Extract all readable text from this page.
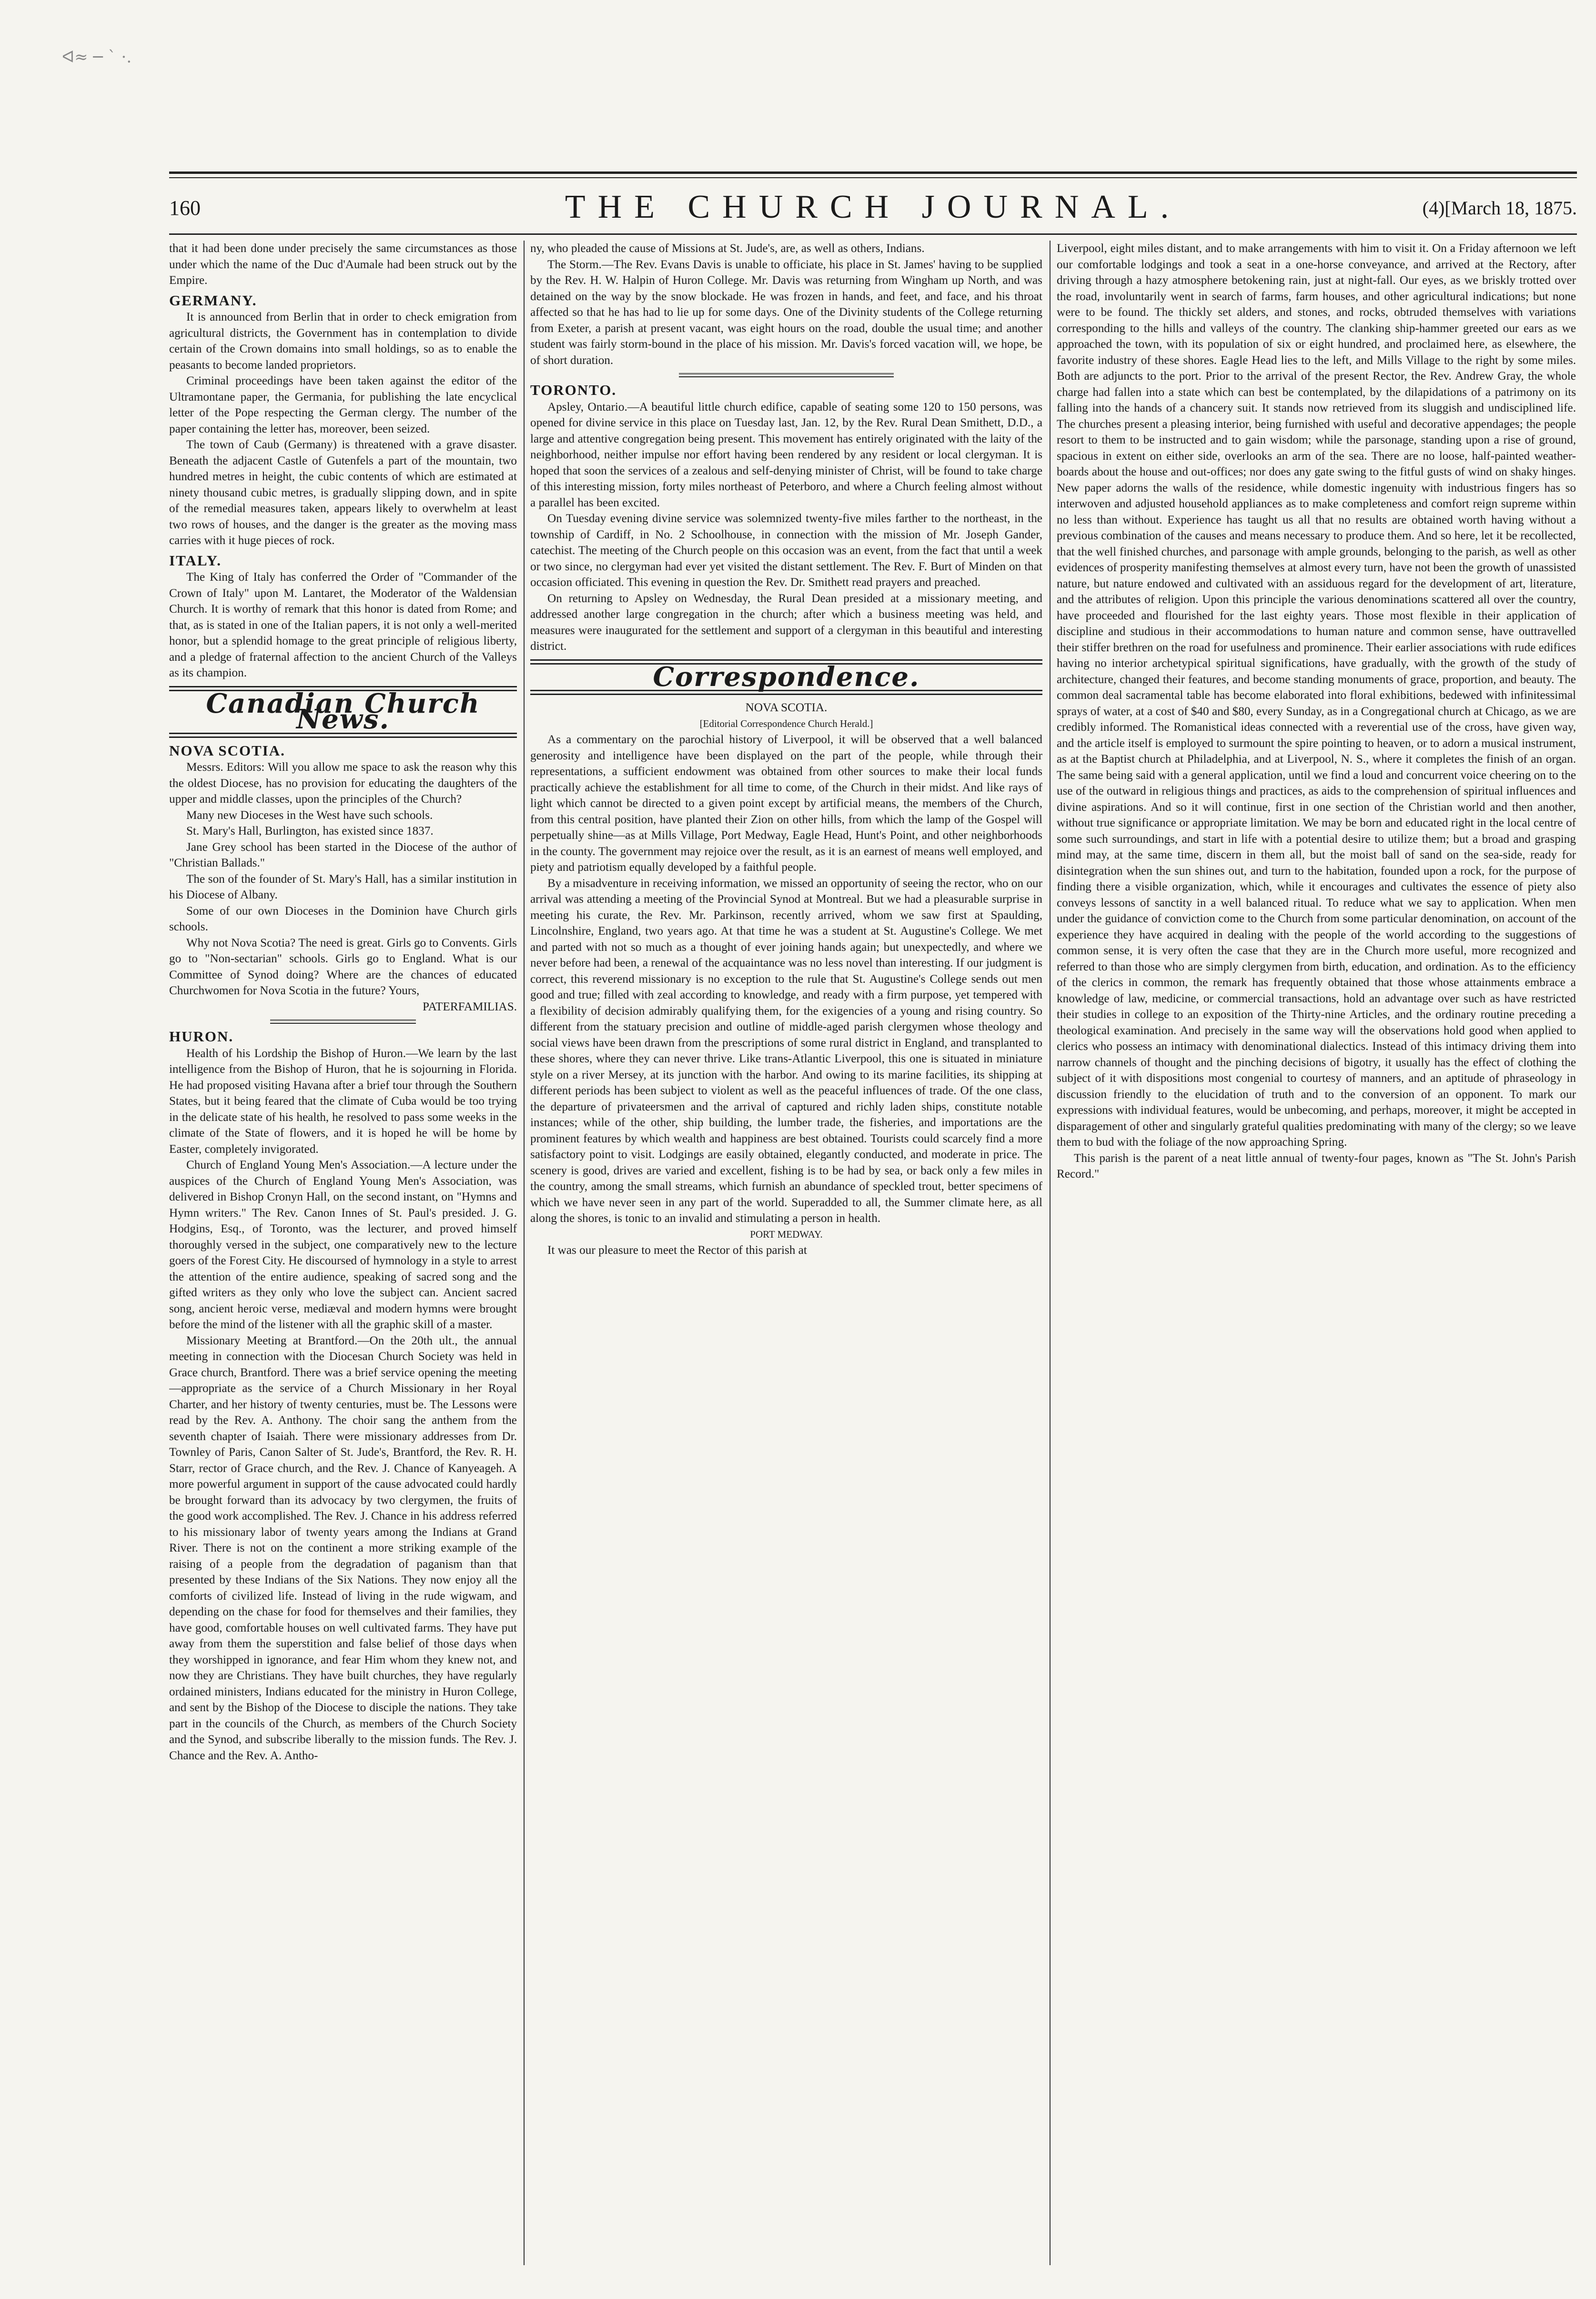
ᐊ≈ ─ ` ·.
160	THE CHURCH JOURNAL.	(4)[March 18, 1875.

that it had been done under precisely the same circumstances as those under which the name of the Duc d'Aumale had been struck out by the Empire.

GERMANY.

It is announced from Berlin that in order to check emigration from agricultural districts, the Government has in contemplation to divide certain of the Crown domains into small holdings, so as to enable the peasants to become landed proprietors.

Criminal proceedings have been taken against the editor of the Ultramontane paper, the Germania, for publishing the late encyclical letter of the Pope respecting the German clergy. The number of the paper containing the letter has, moreover, been seized.

The town of Caub (Germany) is threatened with a grave disaster. Beneath the adjacent Castle of Gutenfels a part of the mountain, two hundred metres in height, the cubic contents of which are estimated at ninety thousand cubic metres, is gradually slipping down, and in spite of the remedial measures taken, appears likely to overwhelm at least two rows of houses, and the danger is the greater as the moving mass carries with it huge pieces of rock.

ITALY.

The King of Italy has conferred the Order of "Commander of the Crown of Italy" upon M. Lantaret, the Moderator of the Waldensian Church. It is worthy of remark that this honor is dated from Rome; and that, as is stated in one of the Italian papers, it is not only a well-merited honor, but a splendid homage to the great principle of religious liberty, and a pledge of fraternal affection to the ancient Church of the Valleys as its champion.

Canadian Church News.
NOVA SCOTIA.

Messrs. Editors: Will you allow me space to ask the reason why this the oldest Diocese, has no provision for educating the daughters of the upper and middle classes, upon the principles of the Church?

Many new Dioceses in the West have such schools.

St. Mary's Hall, Burlington, has existed since 1837.

Jane Grey school has been started in the Diocese of the author of "Christian Ballads."

The son of the founder of St. Mary's Hall, has a similar institution in his Diocese of Albany.

Some of our own Dioceses in the Dominion have Church girls schools.

Why not Nova Scotia? The need is great. Girls go to Convents. Girls go to "Non-sectarian" schools. Girls go to England. What is our Committee of Synod doing? Where are the chances of educated Churchwomen for Nova Scotia in the future? Yours,

PATERFAMILIAS.
HURON.

Health of his Lordship the Bishop of Huron.—We learn by the last intelligence from the Bishop of Huron, that he is sojourning in Florida. He had proposed visiting Havana after a brief tour through the Southern States, but it being feared that the climate of Cuba would be too trying in the delicate state of his health, he resolved to pass some weeks in the climate of the State of flowers, and it is hoped he will be home by Easter, completely invigorated.

Church of England Young Men's Association.—A lecture under the auspices of the Church of England Young Men's Association, was delivered in Bishop Cronyn Hall, on the second instant, on "Hymns and Hymn writers." The Rev. Canon Innes of St. Paul's presided. J. G. Hodgins, Esq., of Toronto, was the lecturer, and proved himself thoroughly versed in the subject, one comparatively new to the lecture goers of the Forest City. He discoursed of hymnology in a style to arrest the attention of the entire audience, speaking of sacred song and the gifted writers as they only who love the subject can. Ancient sacred song, ancient heroic verse, mediæval and modern hymns were brought before the mind of the listener with all the graphic skill of a master.

Missionary Meeting at Brantford.—On the 20th ult., the annual meeting in connection with the Diocesan Church Society was held in Grace church, Brantford. There was a brief service opening the meeting—appropriate as the service of a Church Missionary in her Royal Charter, and her history of twenty centuries, must be. The Lessons were read by the Rev. A. Anthony. The choir sang the anthem from the seventh chapter of Isaiah. There were missionary addresses from Dr. Townley of Paris, Canon Salter of St. Jude's, Brantford, the Rev. R. H. Starr, rector of Grace church, and the Rev. J. Chance of Kanyeageh. A more powerful argument in support of the cause advocated could hardly be brought forward than its advocacy by two clergymen, the fruits of the good work accomplished. The Rev. J. Chance in his address referred to his missionary labor of twenty years among the Indians at Grand River. There is not on the continent a more striking example of the raising of a people from the degradation of paganism than that presented by these Indians of the Six Nations. They now enjoy all the comforts of civilized life. Instead of living in the rude wigwam, and depending on the chase for food for themselves and their families, they have good, comfortable houses on well cultivated farms. They have put away from them the superstition and false belief of those days when they worshipped in ignorance, and fear Him whom they knew not, and now they are Christians. They have built churches, they have regularly ordained ministers, Indians educated for the ministry in Huron College, and sent by the Bishop of the Diocese to disciple the nations. They take part in the councils of the Church, as members of the Church Society and the Synod, and subscribe liberally to the mission funds. The Rev. J. Chance and the Rev. A. Antho-

ny, who pleaded the cause of Missions at St. Jude's, are, as well as others, Indians.

The Storm.—The Rev. Evans Davis is unable to officiate, his place in St. James' having to be supplied by the Rev. H. W. Halpin of Huron College. Mr. Davis was returning from Wingham up North, and was detained on the way by the snow blockade. He was frozen in hands, and feet, and face, and his throat affected so that he has had to lie up for some days. One of the Divinity students of the College returning from Exeter, a parish at present vacant, was eight hours on the road, double the usual time; and another student was fairly storm-bound in the place of his mission. Mr. Davis's forced vacation will, we hope, be of short duration.

TORONTO.

Apsley, Ontario.—A beautiful little church edifice, capable of seating some 120 to 150 persons, was opened for divine service in this place on Tuesday last, Jan. 12, by the Rev. Rural Dean Smithett, D.D., a large and attentive congregation being present. This movement has entirely originated with the laity of the neighborhood, neither impulse nor effort having been rendered by any resident or local clergyman. It is hoped that soon the services of a zealous and self-denying minister of Christ, will be found to take charge of this interesting mission, forty miles northeast of Peterboro, and where a Church feeling almost without a parallel has been excited.

On Tuesday evening divine service was solemnized twenty-five miles farther to the northeast, in the township of Cardiff, in No. 2 Schoolhouse, in connection with the mission of Mr. Joseph Gander, catechist. The meeting of the Church people on this occasion was an event, from the fact that until a week or two since, no clergyman had ever yet visited the distant settlement. The Rev. F. Burt of Minden on that occasion officiated. This evening in question the Rev. Dr. Smithett read prayers and preached.

On returning to Apsley on Wednesday, the Rural Dean presided at a missionary meeting, and addressed another large congregation in the church; after which a business meeting was held, and measures were inaugurated for the settlement and support of a clergyman in this beautiful and interesting district.

Correspondence.

NOVA SCOTIA.

[Editorial Correspondence Church Herald.]

As a commentary on the parochial history of Liverpool, it will be observed that a well balanced generosity and intelligence have been displayed on the part of the people, while through their representations, a sufficient endowment was obtained from other sources to make their local funds practically achieve the establishment for all time to come, of the Church in their midst. And like rays of light which cannot be directed to a given point except by artificial means, the members of the Church, from this central position, have planted their Zion on other hills, from which the lamp of the Gospel will perpetually shine—as at Mills Village, Port Medway, Eagle Head, Hunt's Point, and other neighborhoods in the county. The government may rejoice over the result, as it is an earnest of means well employed, and piety and patriotism equally developed by a faithful people.

By a misadventure in receiving information, we missed an opportunity of seeing the rector, who on our arrival was attending a meeting of the Provincial Synod at Montreal. But we had a pleasurable surprise in meeting his curate, the Rev. Mr. Parkinson, recently arrived, whom we saw first at Spaulding, Lincolnshire, England, two years ago. At that time he was a student at St. Augustine's College. We met and parted with not so much as a thought of ever joining hands again; but unexpectedly, and where we never before had been, a renewal of the acquaintance was no less novel than interesting. If our judgment is correct, this reverend missionary is no exception to the rule that St. Augustine's College sends out men good and true; filled with zeal according to knowledge, and ready with a firm purpose, yet tempered with a flexibility of decision admirably qualifying them, for the exigencies of a young and rising country. So different from the statuary precision and outline of middle-aged parish clergymen whose theology and social views have been drawn from the prescriptions of some rural district in England, and transplanted to these shores, where they can never thrive. Like trans-Atlantic Liverpool, this one is situated in miniature style on a river Mersey, at its junction with the harbor. And owing to its marine facilities, its shipping at different periods has been subject to violent as well as the peaceful influences of trade. Of the one class, the departure of privateersmen and the arrival of captured and richly laden ships, constitute notable instances; while of the other, ship building, the lumber trade, the fisheries, and importations are the prominent features by which wealth and happiness are best obtained. Tourists could scarcely find a more satisfactory point to visit. Lodgings are easily obtained, elegantly conducted, and moderate in price. The scenery is good, drives are varied and excellent, fishing is to be had by sea, or back only a few miles in the country, among the small streams, which furnish an abundance of speckled trout, better specimens of which we have never seen in any part of the world. Superadded to all, the Summer climate here, as all along the shores, is tonic to an invalid and stimulating a person in health.

PORT MEDWAY.

It was our pleasure to meet the Rector of this parish at

Liverpool, eight miles distant, and to make arrangements with him to visit it. On a Friday afternoon we left our comfortable lodgings and took a seat in a one-horse conveyance, and arrived at the Rectory, after driving through a hazy atmosphere betokening rain, just at night-fall. Our eyes, as we briskly trotted over the road, involuntarily went in search of farms, farm houses, and other agricultural indications; but none were to be found. The thickly set alders, and stones, and rocks, obtruded themselves with variations corresponding to the hills and valleys of the country. The clanking ship-hammer greeted our ears as we approached the town, with its population of six or eight hundred, and proclaimed here, as elsewhere, the favorite industry of these shores. Eagle Head lies to the left, and Mills Village to the right by some miles. Both are adjuncts to the port. Prior to the arrival of the present Rector, the Rev. Andrew Gray, the whole charge had fallen into a state which can best be contemplated, by the dilapidations of a patrimony on its falling into the hands of a chancery suit. It stands now retrieved from its sluggish and undisciplined life. The churches present a pleasing interior, being furnished with useful and decorative appendages; the people resort to them to be instructed and to gain wisdom; while the parsonage, standing upon a rise of ground, spacious in extent on either side, overlooks an arm of the sea. There are no loose, half-painted weather-boards about the house and out-offices; nor does any gate swing to the fitful gusts of wind on shaky hinges. New paper adorns the walls of the residence, while domestic ingenuity with industrious fingers has so interwoven and adjusted household appliances as to make completeness and comfort reign supreme within no less than without. Experience has taught us all that no results are obtained worth having without a previous combination of the causes and means necessary to produce them. And so here, let it be recollected, that the well finished churches, and parsonage with ample grounds, belonging to the parish, as well as other evidences of prosperity manifesting themselves at almost every turn, have not been the growth of unassisted nature, but nature endowed and cultivated with an assiduous regard for the development of art, literature, and the attributes of religion. Upon this principle the various denominations scattered all over the country, have proceeded and flourished for the last eighty years. Those most flexible in their application of discipline and studious in their accommodations to human nature and common sense, have outtravelled their stiffer brethren on the road for usefulness and prominence. Their earlier associations with rude edifices having no interior archetypical spiritual significations, have gradually, with the growth of the study of architecture, changed their features, and become standing monuments of grace, proportion, and beauty. The common deal sacramental table has become elaborated into floral exhibitions, bedewed with infinitessimal sprays of water, at a cost of $40 and $80, every Sunday, as in a Congregational church at Chicago, as we are credibly informed. The Romanistical ideas connected with a reverential use of the cross, have given way, and the article itself is employed to surmount the spire pointing to heaven, or to adorn a musical instrument, as at the Baptist church at Philadelphia, and at Liverpool, N. S., where it completes the finish of an organ. The same being said with a general application, until we find a loud and concurrent voice cheering on to the use of the outward in religious things and practices, as aids to the comprehension of spiritual influences and divine aspirations. And so it will continue, first in one section of the Christian world and then another, without true significance or appropriate limitation. We may be born and educated right in the local centre of some such surroundings, and start in life with a potential desire to utilize them; but a broad and grasping mind may, at the same time, discern in them all, but the moist ball of sand on the sea-side, ready for disintegration when the sun shines out, and turn to the habitation, founded upon a rock, for the purpose of finding there a visible organization, which, while it encourages and cultivates the essence of piety also conveys lessons of sanctity in a well balanced ritual. To reduce what we say to application. When men under the guidance of conviction come to the Church from some particular denomination, on account of the experience they have acquired in dealing with the people of the world according to the suggestions of common sense, it is very often the case that they are in the Church more useful, more recognized and referred to than those who are simply clergymen from birth, education, and ordination. As to the efficiency of the clerics in common, the remark has frequently obtained that those whose attainments embrace a knowledge of law, medicine, or commercial transactions, hold an advantage over such as have restricted their studies in college to an exposition of the Thirty-nine Articles, and the ordinary routine preceding a theological examination. And precisely in the same way will the observations hold good when applied to clerics who possess an intimacy with denominational dialectics. Instead of this intimacy driving them into narrow channels of thought and the pinching decisions of bigotry, it usually has the effect of clothing the subject of it with dispositions most congenial to courtesy of manners, and an aptitude of phraseology in discussion friendly to the elucidation of truth and to the conversion of an opponent. To mark our expressions with individual features, would be unbecoming, and perhaps, moreover, it might be accepted in disparagement of other and singularly grateful qualities predominating with many of the clergy; so we leave them to bud with the foliage of the now approaching Spring.

This parish is the parent of a neat little annual of twenty-four pages, known as "The St. John's Parish Record."
